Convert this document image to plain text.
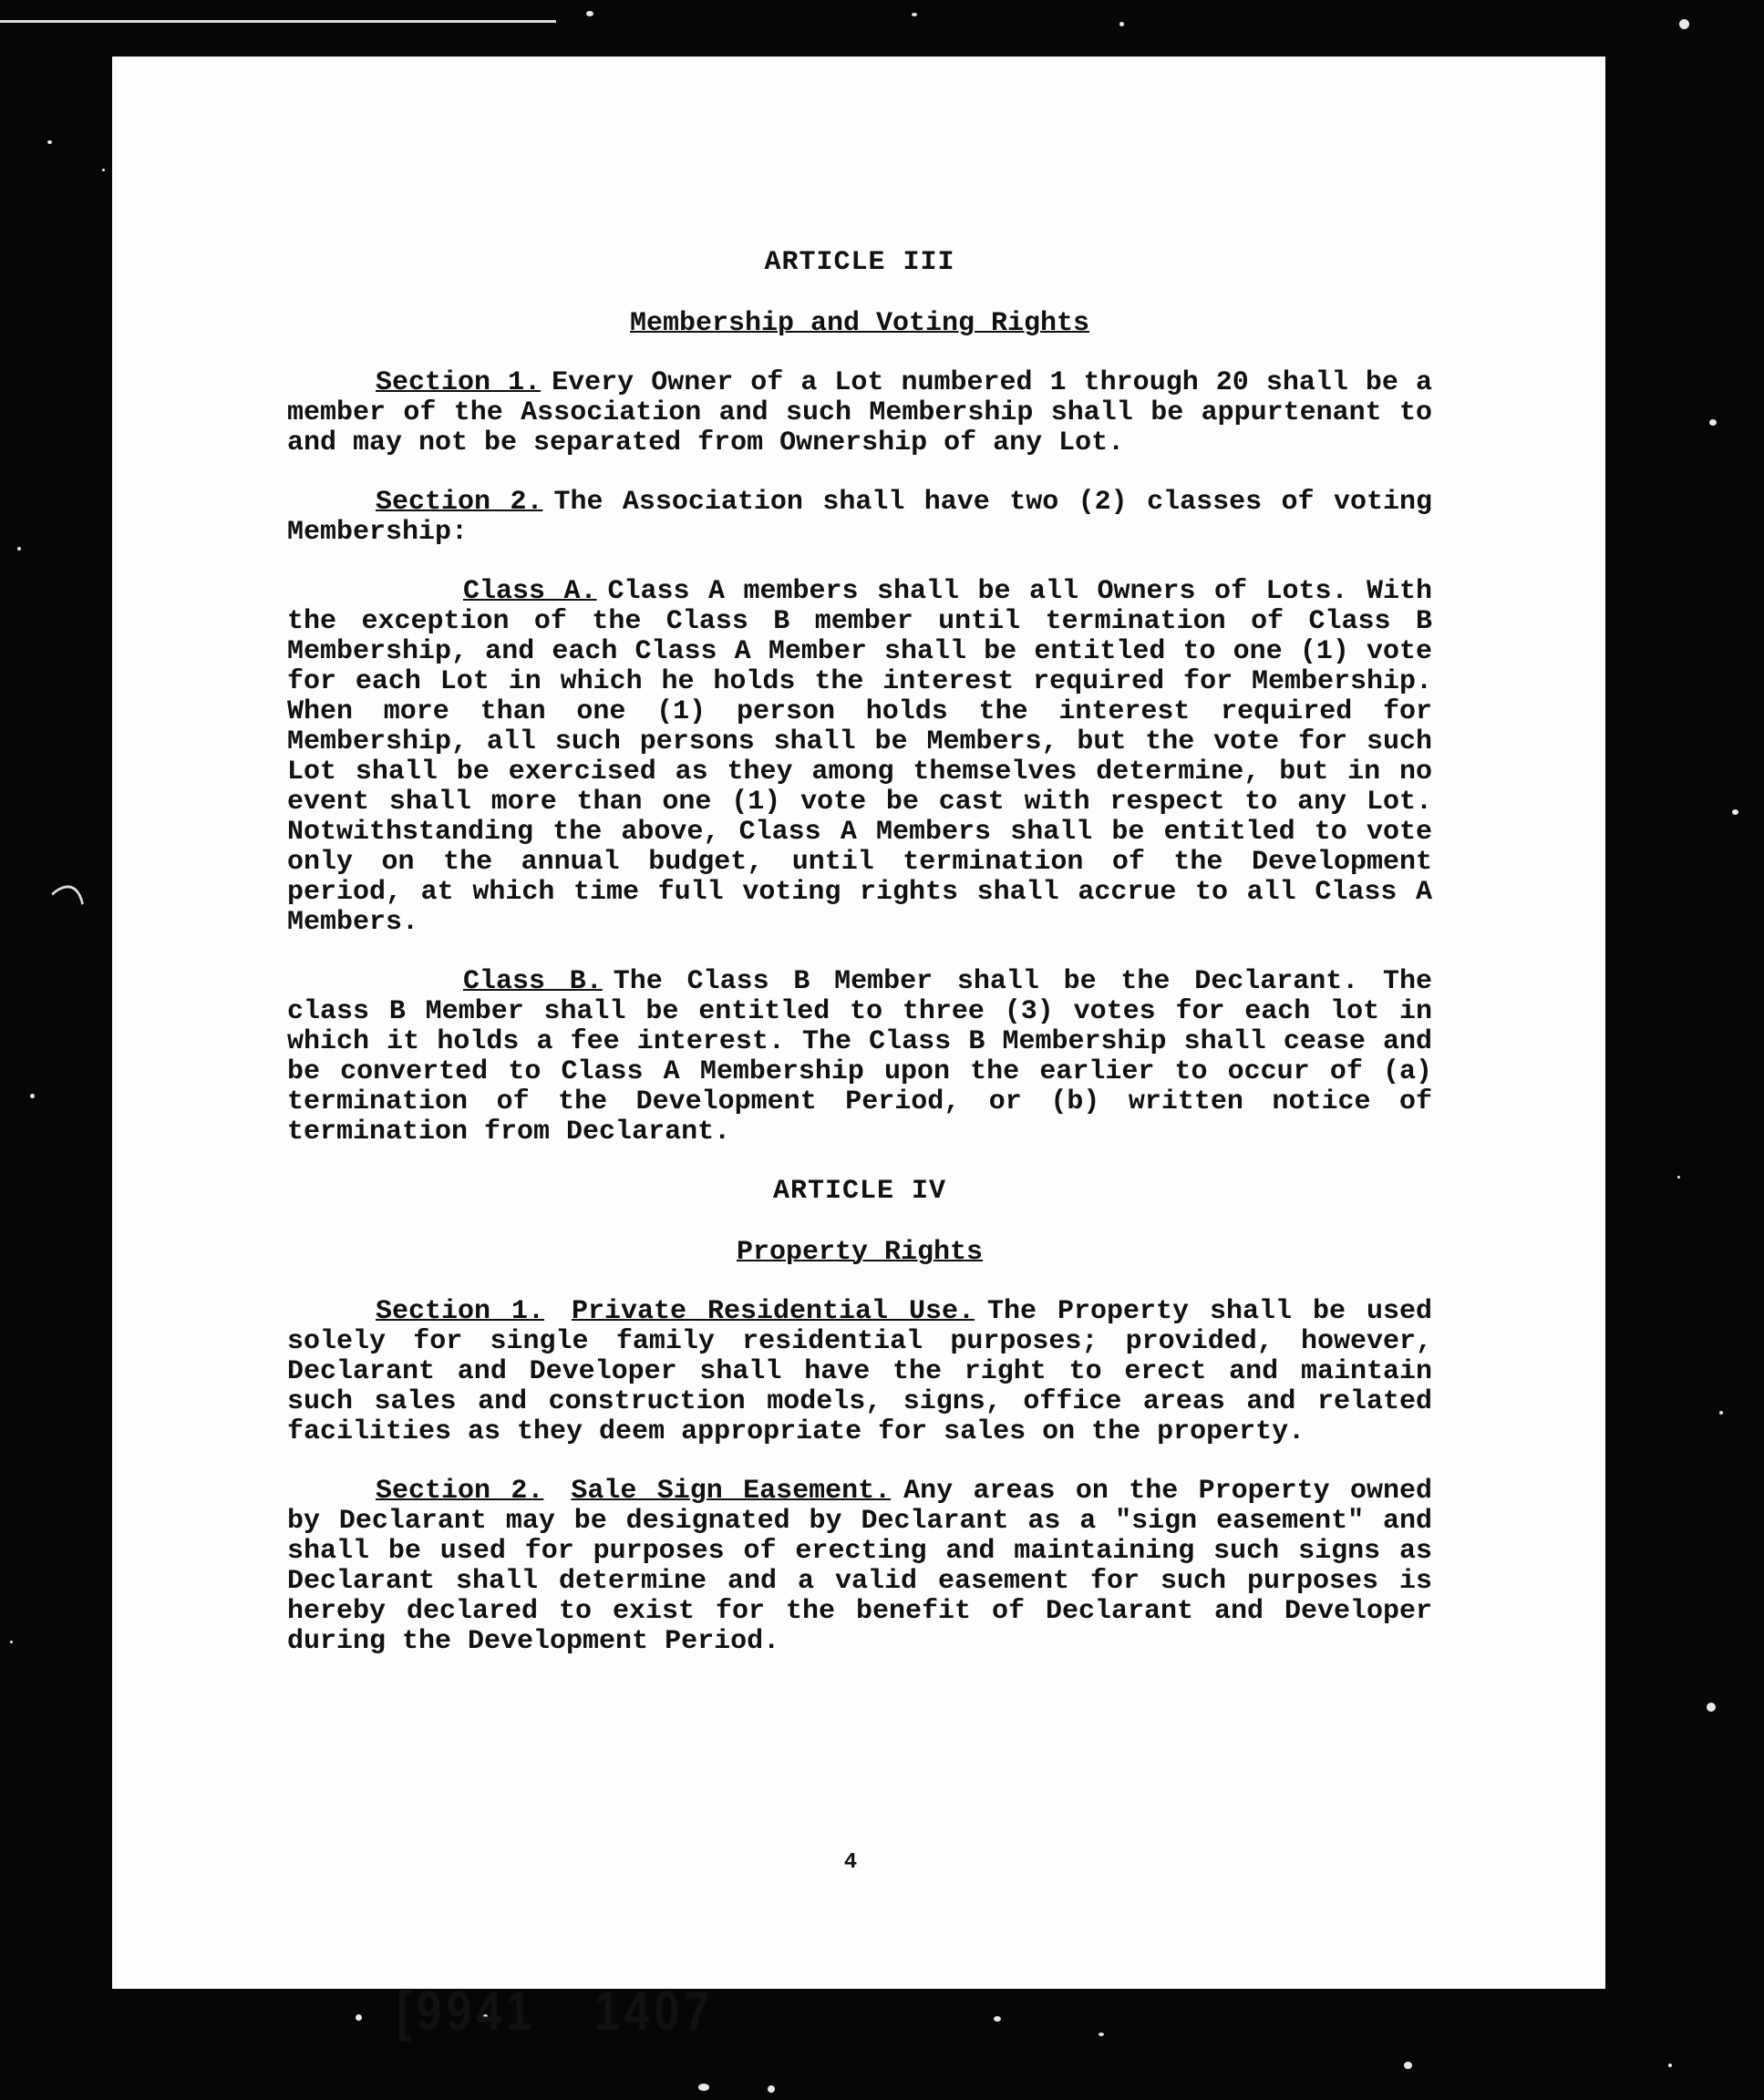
ARTICLE III
Membership and Voting Rights

Section 1. Every Owner of a Lot numbered 1 through 20 shall be a member of the Association and such Membership shall be appurtenant to and may not be separated from Ownership of any Lot.

Section 2. The Association shall have two (2) classes of voting Membership:

Class A. Class A members shall be all Owners of Lots. With the exception of the Class B member until termination of Class B Membership, and each Class A Member shall be entitled to one (1) vote for each Lot in which he holds the interest required for Membership. When more than one (1) person holds the interest required for Membership, all such persons shall be Members, but the vote for such Lot shall be exercised as they among themselves determine, but in no event shall more than one (1) vote be cast with respect to any Lot. Notwithstanding the above, Class A Members shall be entitled to vote only on the annual budget, until termination of the Development period, at which time full voting rights shall accrue to all Class A Members.

Class B. The Class B Member shall be the Declarant. The class B Member shall be entitled to three (3) votes for each lot in which it holds a fee interest. The Class B Membership shall cease and be converted to Class A Membership upon the earlier to occur of (a) termination of the Development Period, or (b) written notice of termination from Declarant.

ARTICLE IV
Property Rights

Section 1. Private Residential Use. The Property shall be used solely for single family residential purposes; provided, however, Declarant and Developer shall have the right to erect and maintain such sales and construction models, signs, office areas and related facilities as they deem appropriate for sales on the property.

Section 2. Sale Sign Easement. Any areas on the Property owned by Declarant may be designated by Declarant as a "sign easement" and shall be used for purposes of erecting and maintaining such signs as Declarant shall determine and a valid easement for such purposes is hereby declared to exist for the benefit of Declarant and Developer during the Development Period.

4
[9941 1407
